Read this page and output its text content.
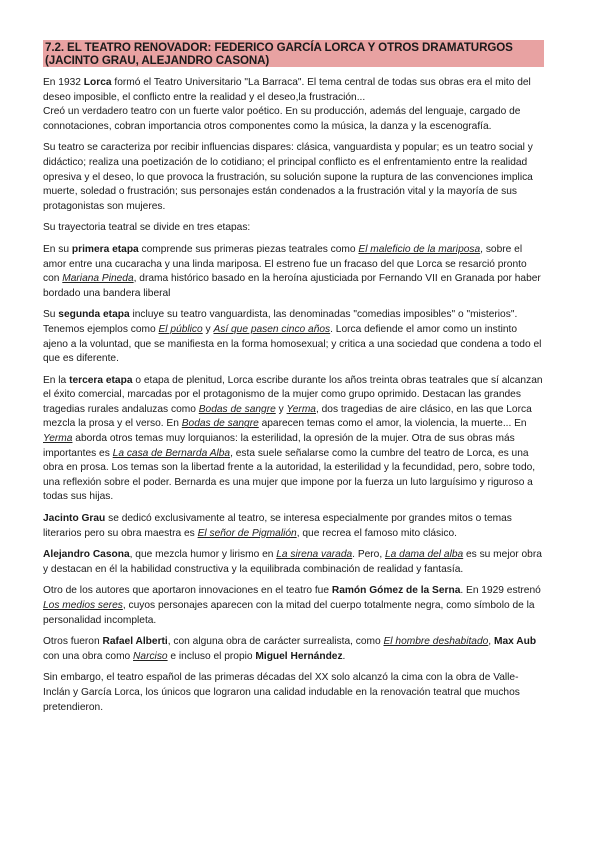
7.2. EL TEATRO RENOVADOR: FEDERICO GARCÍA LORCA Y OTROS DRAMATURGOS
(JACINTO GRAU, ALEJANDRO CASONA)

En 1932 Lorca formó el Teatro Universitario "La Barraca". El tema central de todas sus obras era el mito del deseo imposible, el conflicto entre la realidad y el deseo,la frustración...
Creó un verdadero teatro con un fuerte valor poético. En su producción, además del lenguaje, cargado de connotaciones, cobran importancia otros componentes como la música, la danza y la escenografía.

Su teatro se caracteriza por recibir influencias dispares: clásica, vanguardista y popular; es un teatro social y didáctico; realiza una poetización de lo cotidiano; el principal conflicto es el enfrentamiento entre la realidad opresiva y el deseo, lo que provoca la frustración, su solución supone la ruptura de las convenciones implica muerte, soledad o frustración; sus personajes están condenados a la frustración vital y la mayoría de sus protagonistas son mujeres.

Su trayectoria teatral se divide en tres etapas:

En su primera etapa comprende sus primeras piezas teatrales como El maleficio de la mariposa, sobre el amor entre una cucaracha y una linda mariposa. El estreno fue un fracaso del que Lorca se resarció pronto con Mariana Pineda, drama histórico basado en la heroína ajusticiada por Fernando VII en Granada por haber bordado una bandera liberal

Su segunda etapa incluye su teatro vanguardista, las denominadas "comedias imposibles" o "misterios". Tenemos ejemplos como El público y Así que pasen cinco años. Lorca defiende el amor como un instinto ajeno a la voluntad, que se manifiesta en la forma homosexual; y critica a una sociedad que condena a todo el que es diferente.

En la tercera etapa o etapa de plenitud, Lorca escribe durante los años treinta obras teatrales que sí alcanzan el éxito comercial, marcadas por el protagonismo de la mujer como grupo oprimido. Destacan las grandes tragedias rurales andaluzas como Bodas de sangre y Yerma, dos tragedias de aire clásico, en las que Lorca mezcla la prosa y el verso. En Bodas de sangre aparecen temas como el amor, la violencia, la muerte... En Yerma aborda otros temas muy lorquianos: la esterilidad, la opresión de la mujer. Otra de sus obras más importantes es La casa de Bernarda Alba, esta suele señalarse como la cumbre del teatro de Lorca, es una obra en prosa. Los temas son la libertad frente a la autoridad, la esterilidad y la fecundidad, pero, sobre todo, una reflexión sobre el poder. Bernarda es una mujer que impone por la fuerza un luto larguísimo y riguroso a todas sus hijas.

Jacinto Grau se dedicó exclusivamente al teatro, se interesa especialmente por grandes mitos o temas literarios pero su obra maestra es El señor de Pigmalión, que recrea el famoso mito clásico.

Alejandro Casona, que mezcla humor y lirismo en La sirena varada. Pero, La dama del alba es su mejor obra y destacan en él la habilidad constructiva y la equilibrada combinación de realidad y fantasía.

Otro de los autores que aportaron innovaciones en el teatro fue Ramón Gómez de la Serna. En 1929 estrenó Los medios seres, cuyos personajes aparecen con la mitad del cuerpo totalmente negra, como símbolo de la personalidad incompleta.

Otros fueron Rafael Alberti, con alguna obra de carácter surrealista, como El hombre deshabitado, Max Aub con una obra como Narciso e incluso el propio Miguel Hernández.

Sin embargo, el teatro español de las primeras décadas del XX solo alcanzó la cima con la obra de Valle- Inclán y García Lorca, los únicos que lograron una calidad indudable en la renovación teatral que muchos pretendieron.
